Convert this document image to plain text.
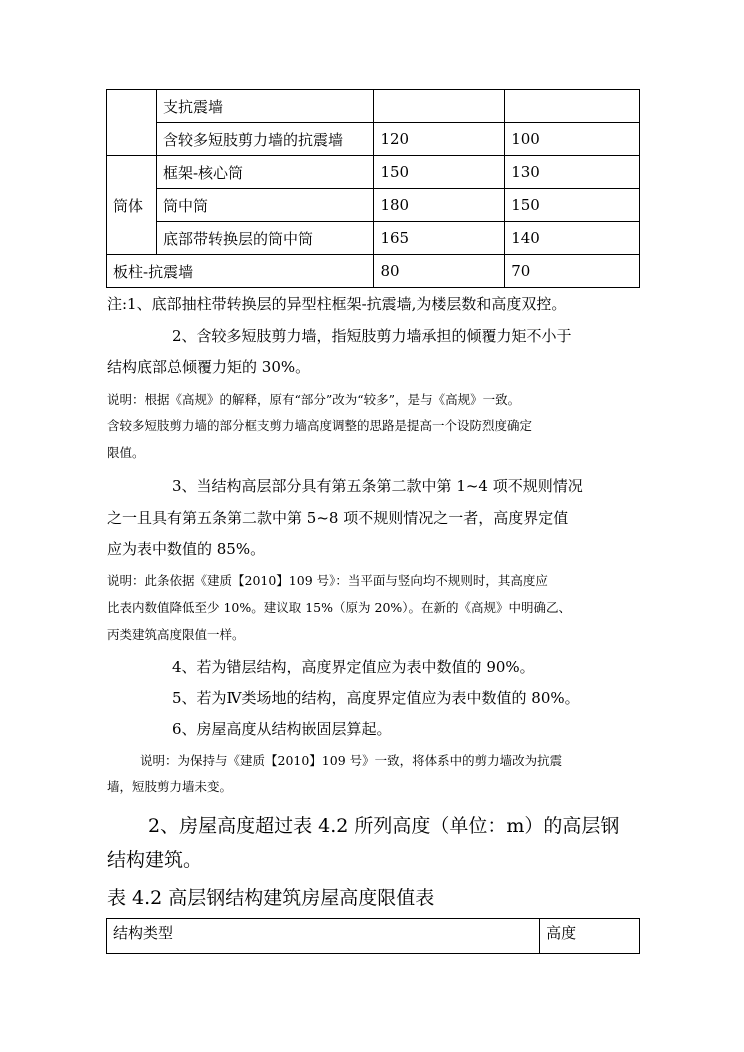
	支抗震墙		
	含较多短肢剪力墙的抗震墙	120	100
筒体	框架-核心筒	150	130
	筒中筒	180	150
	底部带转换层的筒中筒	165	140
板柱-抗震墙		80	70
注:1、底部抽柱带转换层的异型柱框架-抗震墙,为楼层数和高度双控。
2、含较多短肢剪力墙，指短肢剪力墙承担的倾覆力矩不小于
结构底部总倾覆力矩的 30%。
说明：根据《高规》的解释，原有“部分”改为“较多”，是与《高规》一致。
含较多短肢剪力墙的部分框支剪力墙高度调整的思路是提高一个设防烈度确定
限值。
3、当结构高层部分具有第五条第二款中第 1~4 项不规则情况
之一且具有第五条第二款中第 5~8 项不规则情况之一者，高度界定值
应为表中数值的 85%。
说明：此条依据《建质【2010】109 号》：当平面与竖向均不规则时，其高度应
比表内数值降低至少 10%。建议取 15%（原为 20%）。在新的《高规》中明确乙、
丙类建筑高度限值一样。
4、若为错层结构，高度界定值应为表中数值的 90%。
5、若为Ⅳ类场地的结构，高度界定值应为表中数值的 80%。
6、房屋高度从结构嵌固层算起。
说明：为保持与《建质【2010】109 号》一致，将体系中的剪力墙改为抗震
墙，短肢剪力墙未变。
2、房屋高度超过表 4.2 所列高度（单位：m）的高层钢
结构建筑。
表 4.2 高层钢结构建筑房屋高度限值表
结构类型	高度
